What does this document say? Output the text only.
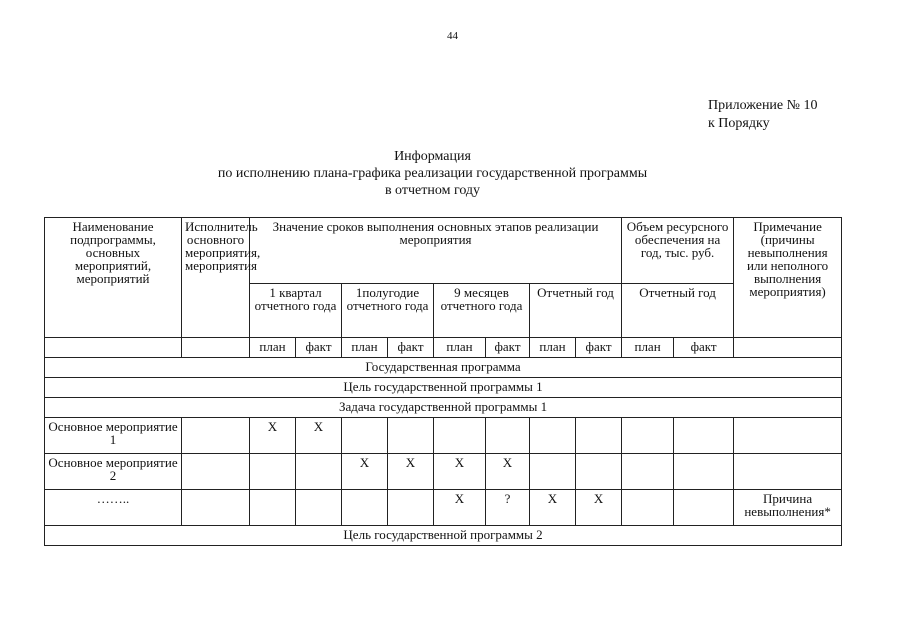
44
Приложение № 10
к Порядку
Информация
по исполнению плана-графика реализации государственной программы
в отчетном году
Наименование подпрограммы, основных мероприятий, мероприятий	Исполнитель основного мероприятия, мероприятия	Значение сроков выполнения основных этапов реализации мероприятия								Объем ресурсного обеспечения на год, тыс. руб.		Примечание (причины невыполнения или неполного выполнения мероприятия)
		1 квартал отчетного года		1полугодие отчетного года		9 месяцев отчетного года		Отчетный год		Отчетный год		
		план	факт	план	факт	план	факт	план	факт	план	факт	
Государственная программа												
Цель государственной программы 1												
Задача государственной программы 1												
Основное мероприятие 1		Х	Х									
Основное мероприятие 2				Х	Х	Х	Х					
……..						Х	?	Х	Х			Причина невыполнения*
Цель государственной программы 2												
